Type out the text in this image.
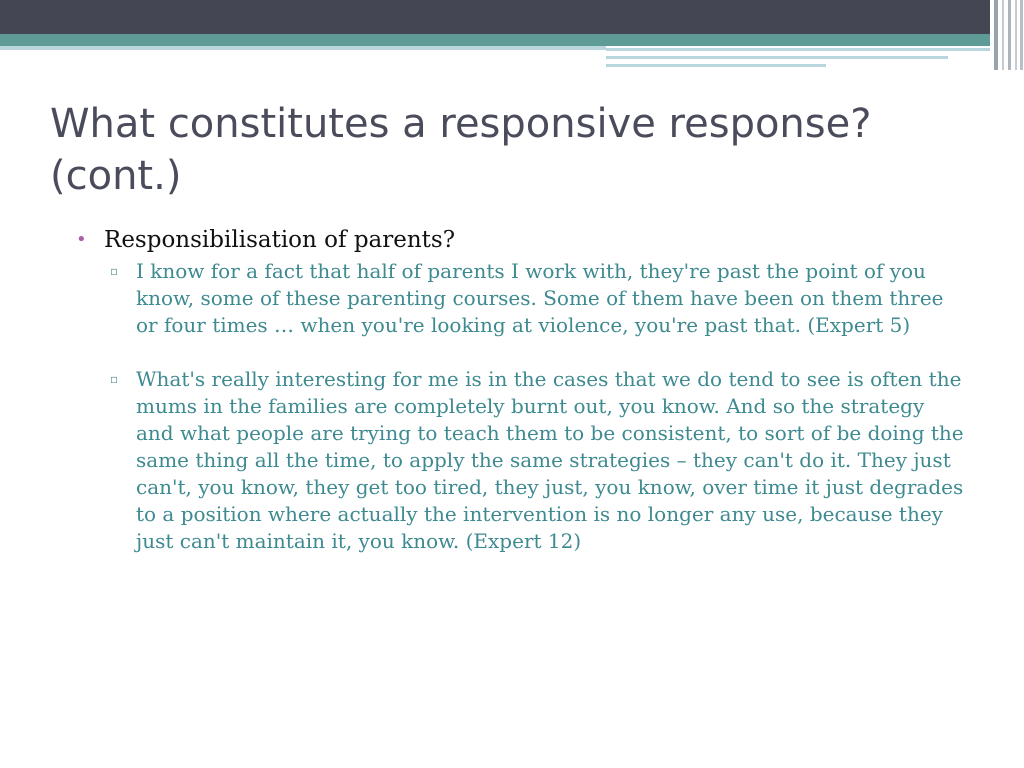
What constitutes a responsive response? (cont.)
• Responsibilisation of parents?
▫ I know for a fact that half of parents I work with, they're past the point of you know, some of these parenting courses. Some of them have been on them three or four times … when you're looking at violence, you're past that. (Expert 5)
▫ What's really interesting for me is in the cases that we do tend to see is often the mums in the families are completely burnt out, you know. And so the strategy and what people are trying to teach them to be consistent, to sort of be doing the same thing all the time, to apply the same strategies – they can't do it. They just can't, you know, they get too tired, they just, you know, over time it just degrades to a position where actually the intervention is no longer any use, because they just can't maintain it, you know. (Expert 12)
